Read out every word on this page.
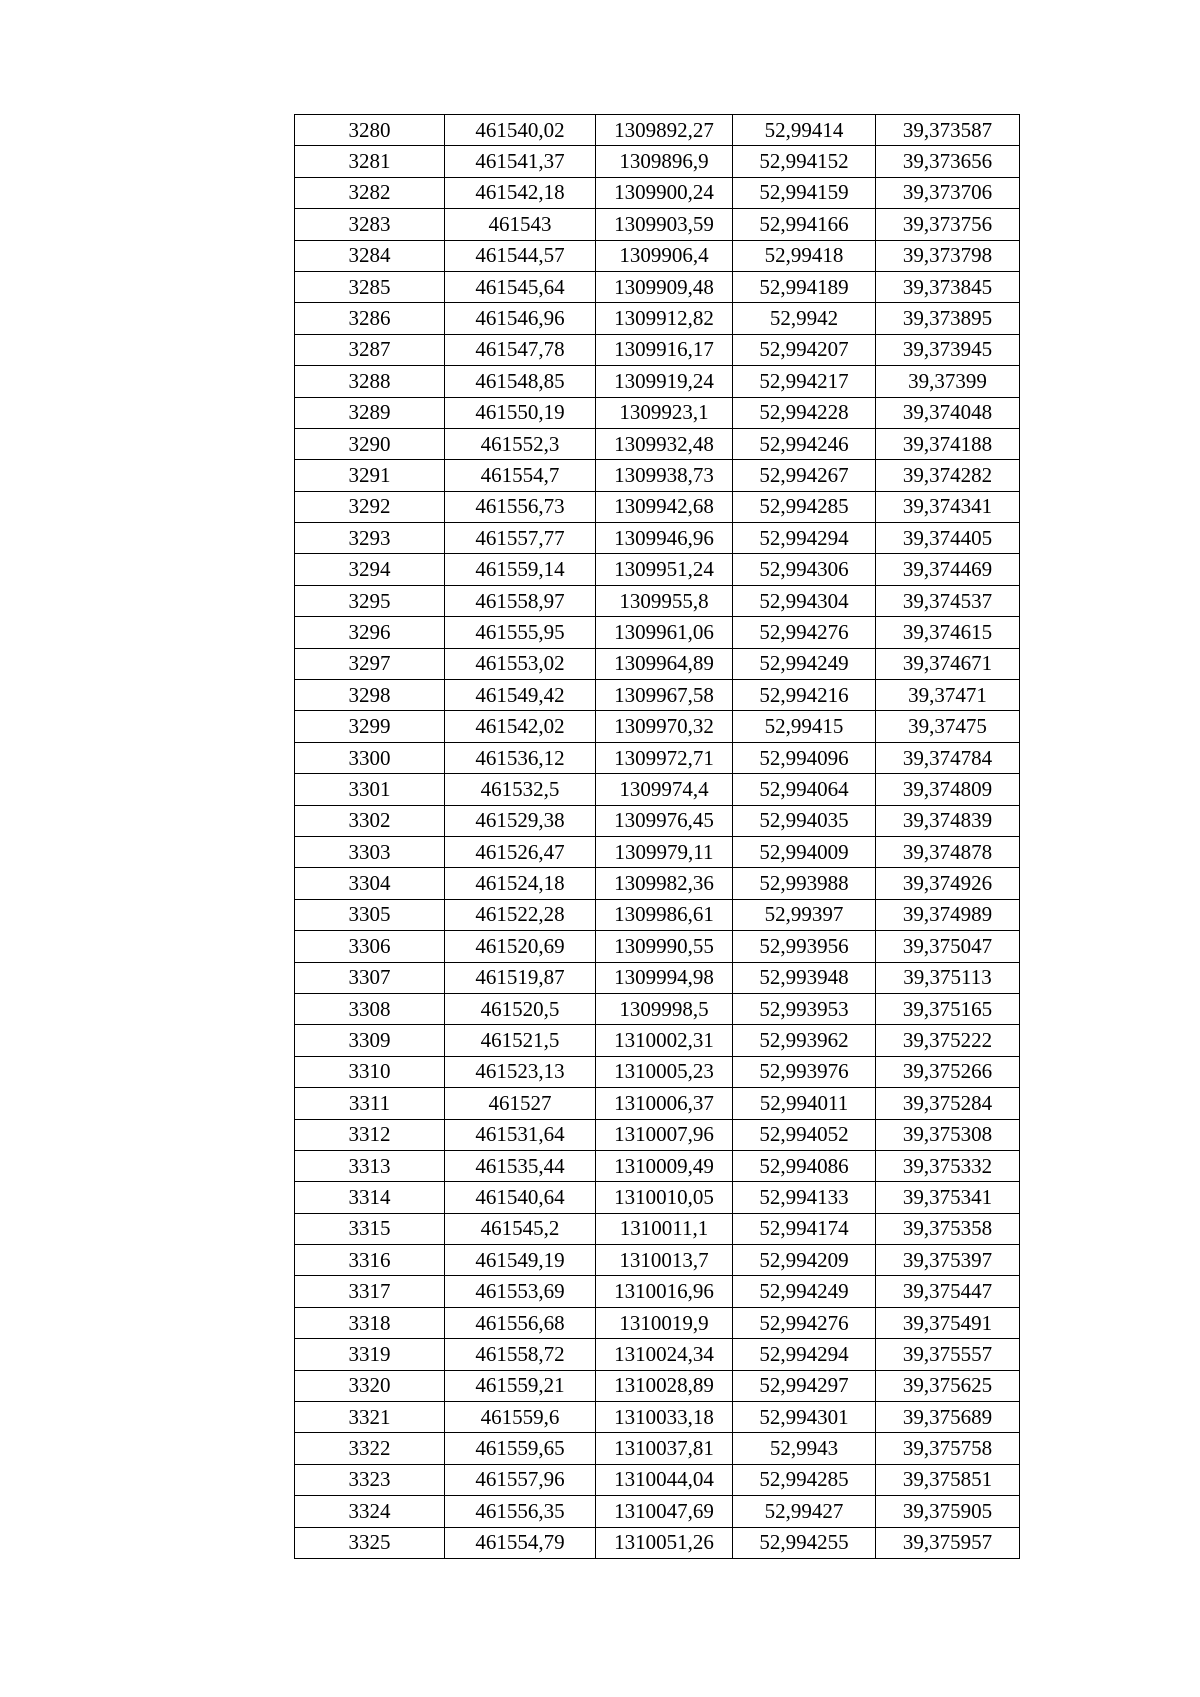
3280	461540,02	1309892,27	52,99414	39,373587
3281	461541,37	1309896,9	52,994152	39,373656
3282	461542,18	1309900,24	52,994159	39,373706
3283	461543	1309903,59	52,994166	39,373756
3284	461544,57	1309906,4	52,99418	39,373798
3285	461545,64	1309909,48	52,994189	39,373845
3286	461546,96	1309912,82	52,9942	39,373895
3287	461547,78	1309916,17	52,994207	39,373945
3288	461548,85	1309919,24	52,994217	39,37399
3289	461550,19	1309923,1	52,994228	39,374048
3290	461552,3	1309932,48	52,994246	39,374188
3291	461554,7	1309938,73	52,994267	39,374282
3292	461556,73	1309942,68	52,994285	39,374341
3293	461557,77	1309946,96	52,994294	39,374405
3294	461559,14	1309951,24	52,994306	39,374469
3295	461558,97	1309955,8	52,994304	39,374537
3296	461555,95	1309961,06	52,994276	39,374615
3297	461553,02	1309964,89	52,994249	39,374671
3298	461549,42	1309967,58	52,994216	39,37471
3299	461542,02	1309970,32	52,99415	39,37475
3300	461536,12	1309972,71	52,994096	39,374784
3301	461532,5	1309974,4	52,994064	39,374809
3302	461529,38	1309976,45	52,994035	39,374839
3303	461526,47	1309979,11	52,994009	39,374878
3304	461524,18	1309982,36	52,993988	39,374926
3305	461522,28	1309986,61	52,99397	39,374989
3306	461520,69	1309990,55	52,993956	39,375047
3307	461519,87	1309994,98	52,993948	39,375113
3308	461520,5	1309998,5	52,993953	39,375165
3309	461521,5	1310002,31	52,993962	39,375222
3310	461523,13	1310005,23	52,993976	39,375266
3311	461527	1310006,37	52,994011	39,375284
3312	461531,64	1310007,96	52,994052	39,375308
3313	461535,44	1310009,49	52,994086	39,375332
3314	461540,64	1310010,05	52,994133	39,375341
3315	461545,2	1310011,1	52,994174	39,375358
3316	461549,19	1310013,7	52,994209	39,375397
3317	461553,69	1310016,96	52,994249	39,375447
3318	461556,68	1310019,9	52,994276	39,375491
3319	461558,72	1310024,34	52,994294	39,375557
3320	461559,21	1310028,89	52,994297	39,375625
3321	461559,6	1310033,18	52,994301	39,375689
3322	461559,65	1310037,81	52,9943	39,375758
3323	461557,96	1310044,04	52,994285	39,375851
3324	461556,35	1310047,69	52,99427	39,375905
3325	461554,79	1310051,26	52,994255	39,375957
